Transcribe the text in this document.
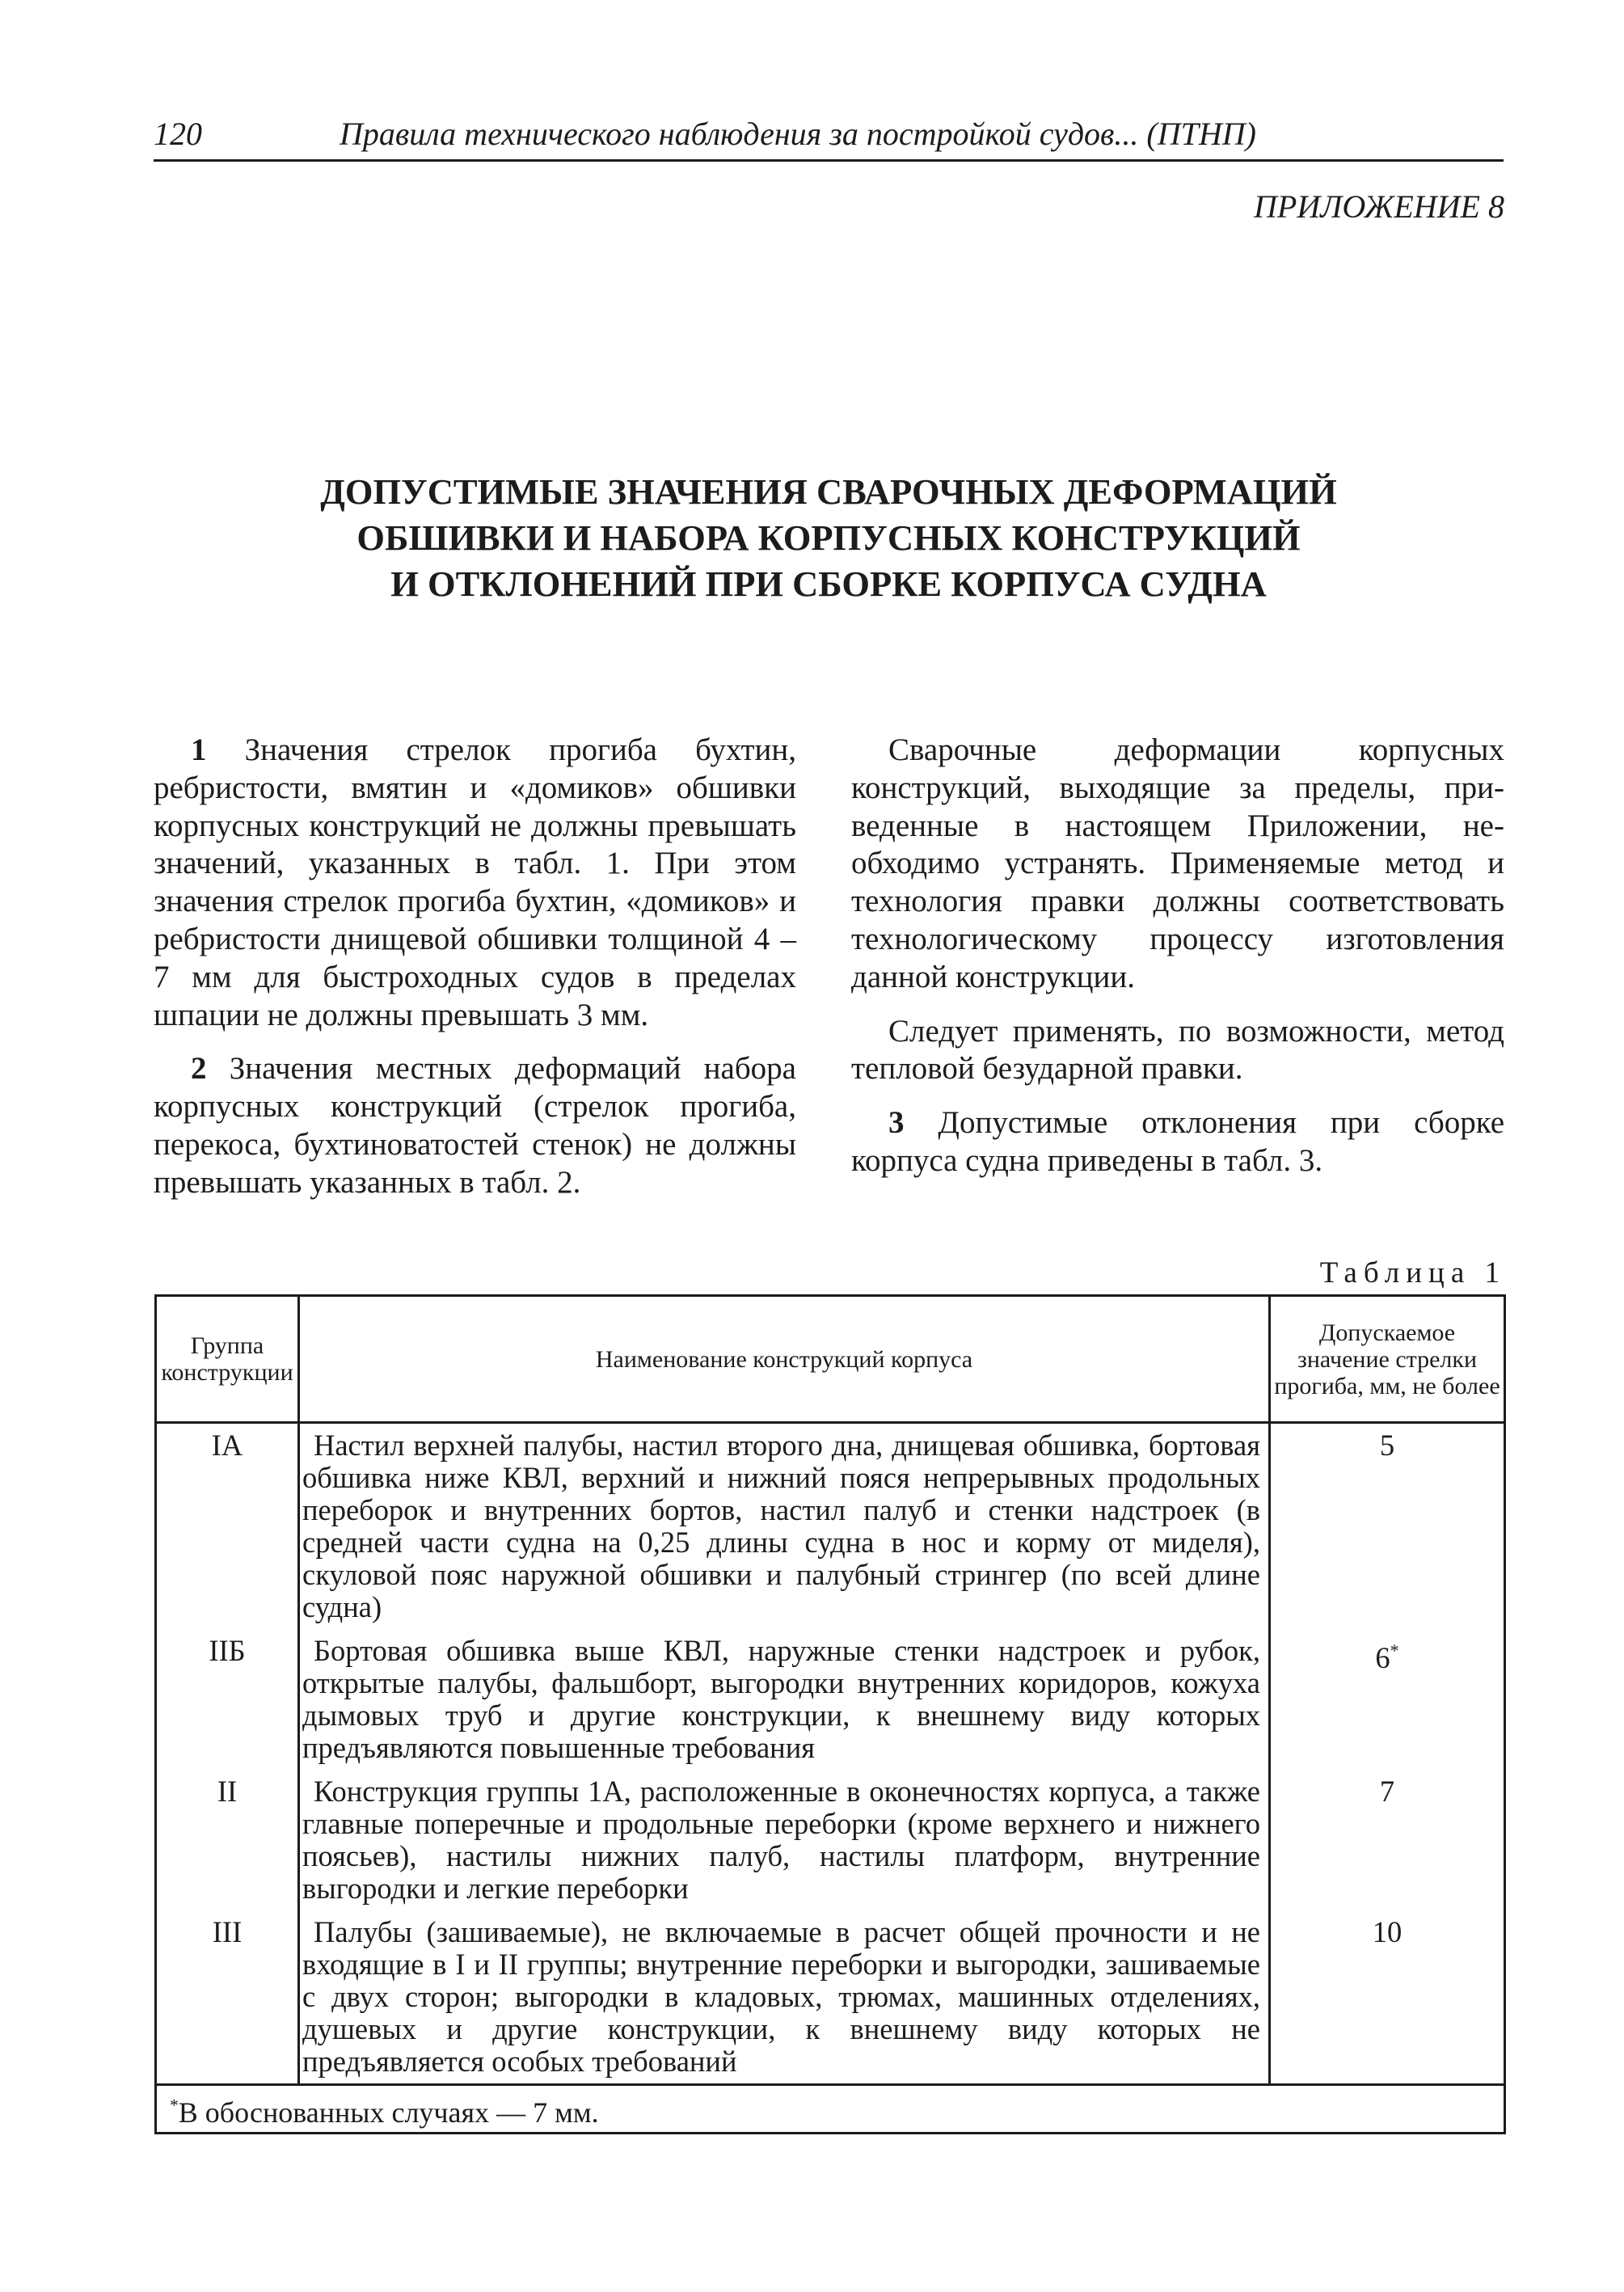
120	Правила технического наблюдения за постройкой судов... (ПТНП)
ПРИЛОЖЕНИЕ 8
ДОПУСТИМЫЕ ЗНАЧЕНИЯ СВАРОЧНЫХ ДЕФОРМАЦИЙ
ОБШИВКИ И НАБОРА КОРПУСНЫХ КОНСТРУКЦИЙ
И ОТКЛОНЕНИЙ ПРИ СБОРКЕ КОРПУСА СУДНА

1 Значения стрелок прогиба бухтин, ребристости, вмятин и «домиков» обшивки корпусных конструкций не должны превышать значений, указанных в табл. 1. При этом значения стрелок прогиба бухтин, «домиков» и ребристости днищевой обшивки толщиной 4 – 7 мм для быстроходных судов в пределах шпации не должны превышать 3 мм.

2 Значения местных деформаций набора корпусных конструкций (стрелок прогиба, перекоса, бухтиноватостей стенок) не должны превышать указанных в табл. 2.

Сварочные деформации корпусных конструкций, выходящие за пределы, приведенные в настоящем Приложении, необходимо устранять. Применяемые метод и технология правки должны соответствовать технологическому процессу изготовления данной конструкции.

Следует применять, по возможности, метод тепловой безударной правки.

3 Допустимые отклонения при сборке корпуса судна приведены в табл. 3.

Таблица 1
Группа конструкции	Наименование конструкций корпуса	Допускаемое значение стрелки прогиба, мм, не более
IA	Настил верхней палубы, настил второго дна, днищевая обшивка, бортовая обшивка ниже КВЛ, верхний и нижний пояся непрерывных продольных переборок и внутренних бортов, настил палуб и стенки надстроек (в средней части судна на 0,25 длины судна в нос и корму от миделя), скуловой пояс наружной обшивки и палубный стрингер (по всей длине судна)	5
IIБ	Бортовая обшивка выше КВЛ, наружные стенки надстроек и рубок, открытые палубы, фальшборт, выгородки внутренних коридоров, кожуха дымовых труб и другие конструкции, к внешнему виду которых предъявляются повышенные требования	6*
II	Конструкция группы 1А, расположенные в оконечностях корпуса, а также главные поперечные и продольные переборки (кроме верхнего и нижнего поясьев), настилы нижних палуб, настилы платформ, внутренние выгородки и легкие переборки	7
III	Палубы (зашиваемые), не включаемые в расчет общей прочности и не входящие в I и II группы; внутренние переборки и выгородки, зашиваемые с двух сторон; выгородки в кладовых, трюмах, машинных отделениях, душевых и другие конструкции, к внешнему виду которых не предъявляется особых требований	10
*В обоснованных случаях — 7 мм.		
